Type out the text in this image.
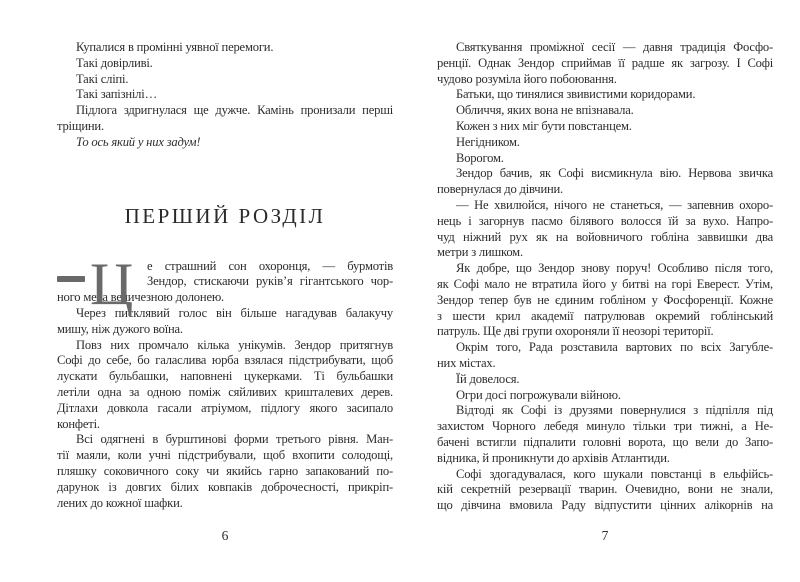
Купалися в промінні уявної перемоги.
Такі довірливі.
Такі сліпі.
Такі запізнілі…
Підлога здригнулася ще дужче. Камінь пронизали перші
тріщини.
То ось який у них задум!
ПЕРШИЙ РОЗДІЛ
Ц е страшний сон охоронця, — бурмотів
Зендор, стискаючи руків’я гігантського чор-
ного меча величезною долонею.
Через писклявий голос він більше нагадував балакучу
мишу, ніж дужого воїна.
Повз них промчало кілька унікумів. Зендор притягнув
Софі до себе, бо галаслива юрба взялася підстрибувати, щоб
лускати бульбашки, наповнені цукерками. Ті бульбашки
летіли одна за одною поміж сяйливих кришталевих дерев.
Дітлахи довкола гасали атріумом, підлогу якого засипало
конфеті.
Всі одягнені в бурштинові форми третього рівня. Ман-
тії маяли, коли учні підстрибували, щоб вхопити солодощі,
пляшку соковичного соку чи якийсь гарно запакований по-
дарунок із довгих білих ковпаків доброчесності, прикріп-
лених до кожної шафки.
6
Святкування проміжної сесії — давня традиція Фосфо-
ренції. Однак Зендор сприймав її радше як загрозу. І Софі
чудово розуміла його побоювання.
Батьки, що тинялися звивистими коридорами.
Обличчя, яких вона не впізнавала.
Кожен з них міг бути повстанцем.
Негідником.
Ворогом.
Зендор бачив, як Софі висмикнула вію. Нервова звичка
повернулася до дівчини.
— Не хвилюйся, нічого не станеться, — запевнив охоро-
нець і загорнув пасмо білявого волосся їй за вухо. Напро-
чуд ніжний рух як на войовничого гобліна заввишки два
метри з лишком.
Як добре, що Зендор знову поруч! Особливо після того,
як Софі мало не втратила його у битві на горі Еверест. Утім,
Зендор тепер був не єдиним гобліном у Фосфоренції. Кожне
з шести крил академії патрулював окремий гоблінський
патруль. Ще дві групи охороняли її неозорі території.
Окрім того, Рада розставила вартових по всіх Загубле-
них містах.
Їй довелося.
Огри досі погрожували війною.
Відтоді як Софі із друзями повернулися з підпілля під
захистом Чорного лебедя минуло тільки три тижні, а Не-
бачені встигли підпалити головні ворота, що вели до Запо-
відника, й проникнути до архівів Атлантиди.
Софі здогадувалася, кого шукали повстанці в ельфійсь-
кій секретній резервації тварин. Очевидно, вони не знали,
що дівчина вмовила Раду відпустити цінних алікорнів на
7
